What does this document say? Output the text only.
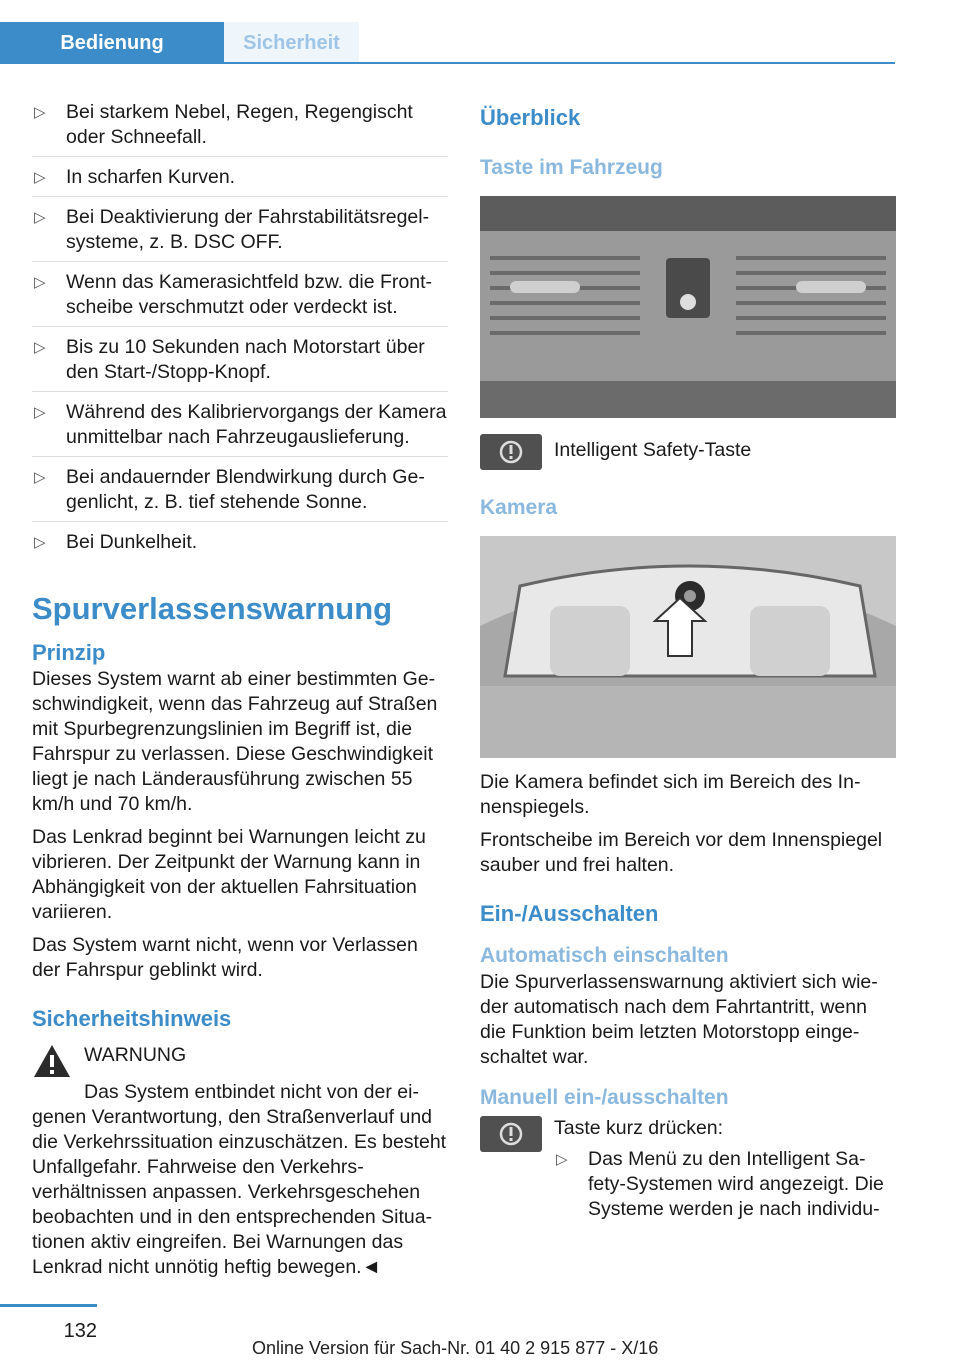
Bedienung	Sicherheit
▷ Bei starkem Nebel, Regen, Regengischt oder Schneefall.
▷ In scharfen Kurven.
▷ Bei Deaktivierung der Fahrstabilitätsregelsysteme, z. B. DSC OFF.
▷ Wenn das Kamerasichtfeld bzw. die Frontscheibe verschmutzt oder verdeckt ist.
▷ Bis zu 10 Sekunden nach Motorstart über den Start-/Stopp-Knopf.
▷ Während des Kalibriervorgangs der Kamera unmittelbar nach Fahrzeugauslieferung.
▷ Bei andauernder Blendwirkung durch Gegenlicht, z. B. tief stehende Sonne.
▷ Bei Dunkelheit.
Spurverlassenswarnung
Prinzip

Dieses System warnt ab einer bestimmten Geschwindigkeit, wenn das Fahrzeug auf Straßen mit Spurbegrenzungslinien im Begriff ist, die Fahrspur zu verlassen. Diese Geschwindigkeit liegt je nach Länderausführung zwischen 55 km/h und 70 km/h.

Das Lenkrad beginnt bei Warnungen leicht zu vibrieren. Der Zeitpunkt der Warnung kann in Abhängigkeit von der aktuellen Fahrsituation variieren.

Das System warnt nicht, wenn vor Verlassen der Fahrspur geblinkt wird.

Sicherheitshinweis
WARNUNG

Das System entbindet nicht von der eigenen Verantwortung, den Straßenverlauf und die Verkehrssituation einzuschätzen. Es besteht Unfallgefahr. Fahrweise den Verkehrsverhältnissen anpassen. Verkehrsgeschehen beobachten und in den entsprechenden Situationen aktiv eingreifen. Bei Warnungen das Lenkrad nicht unnötig heftig bewegen.◄

Überblick
Taste im Fahrzeug
Intelligent Safety-Taste
Kamera

Die Kamera befindet sich im Bereich des Innenspiegels.

Frontscheibe im Bereich vor dem Innenspiegel sauber und frei halten.

Ein-/Ausschalten
Automatisch einschalten

Die Spurverlassenswarnung aktiviert sich wieder automatisch nach dem Fahrtantritt, wenn die Funktion beim letzten Motorstopp eingeschaltet war.

Manuell ein-/ausschalten
Taste kurz drücken:
▷ Das Menü zu den Intelligent Safety-Systemen wird angezeigt. Die Systeme werden je nach individu-
132
Online Version für Sach-Nr. 01 40 2 915 877 - X/16
